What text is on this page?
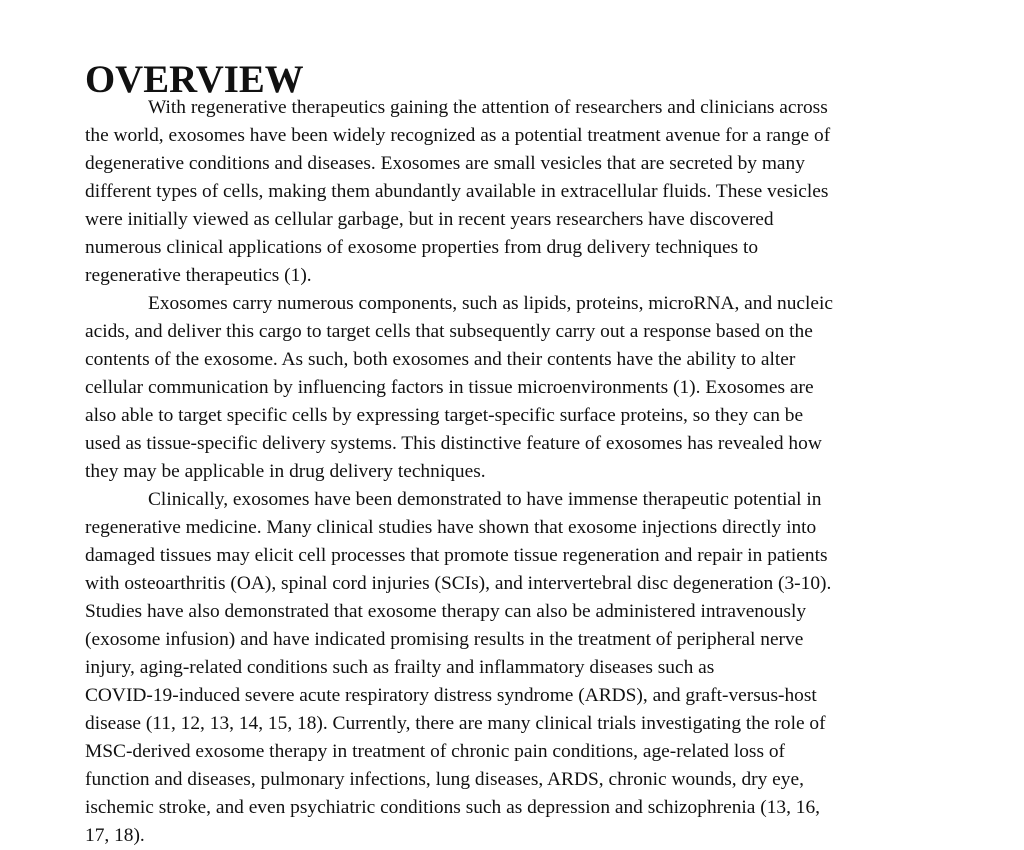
OVERVIEW

With regenerative therapeutics gaining the attention of researchers and clinicians across
the world, exosomes have been widely recognized as a potential treatment avenue for a range of
degenerative conditions and diseases. Exosomes are small vesicles that are secreted by many
different types of cells, making them abundantly available in extracellular fluids. These vesicles
were initially viewed as cellular garbage, but in recent years researchers have discovered
numerous clinical applications of exosome properties from drug delivery techniques to
regenerative therapeutics (1).

Exosomes carry numerous components, such as lipids, proteins, microRNA, and nucleic
acids, and deliver this cargo to target cells that subsequently carry out a response based on the
contents of the exosome. As such, both exosomes and their contents have the ability to alter
cellular communication by influencing factors in tissue microenvironments (1). Exosomes are
also able to target specific cells by expressing target-specific surface proteins, so they can be
used as tissue-specific delivery systems. This distinctive feature of exosomes has revealed how
they may be applicable in drug delivery techniques.

Clinically, exosomes have been demonstrated to have immense therapeutic potential in
regenerative medicine. Many clinical studies have shown that exosome injections directly into
damaged tissues may elicit cell processes that promote tissue regeneration and repair in patients
with osteoarthritis (OA), spinal cord injuries (SCIs), and intervertebral disc degeneration (3-10).
Studies have also demonstrated that exosome therapy can also be administered intravenously
(exosome infusion) and have indicated promising results in the treatment of peripheral nerve
injury, aging-related conditions such as frailty and inflammatory diseases such as
COVID-19-induced severe acute respiratory distress syndrome (ARDS), and graft-versus-host
disease (11, 12, 13, 14, 15, 18). Currently, there are many clinical trials investigating the role of
MSC-derived exosome therapy in treatment of chronic pain conditions, age-related loss of
function and diseases, pulmonary infections, lung diseases, ARDS, chronic wounds, dry eye,
ischemic stroke, and even psychiatric conditions such as depression and schizophrenia (13, 16,
17, 18).
